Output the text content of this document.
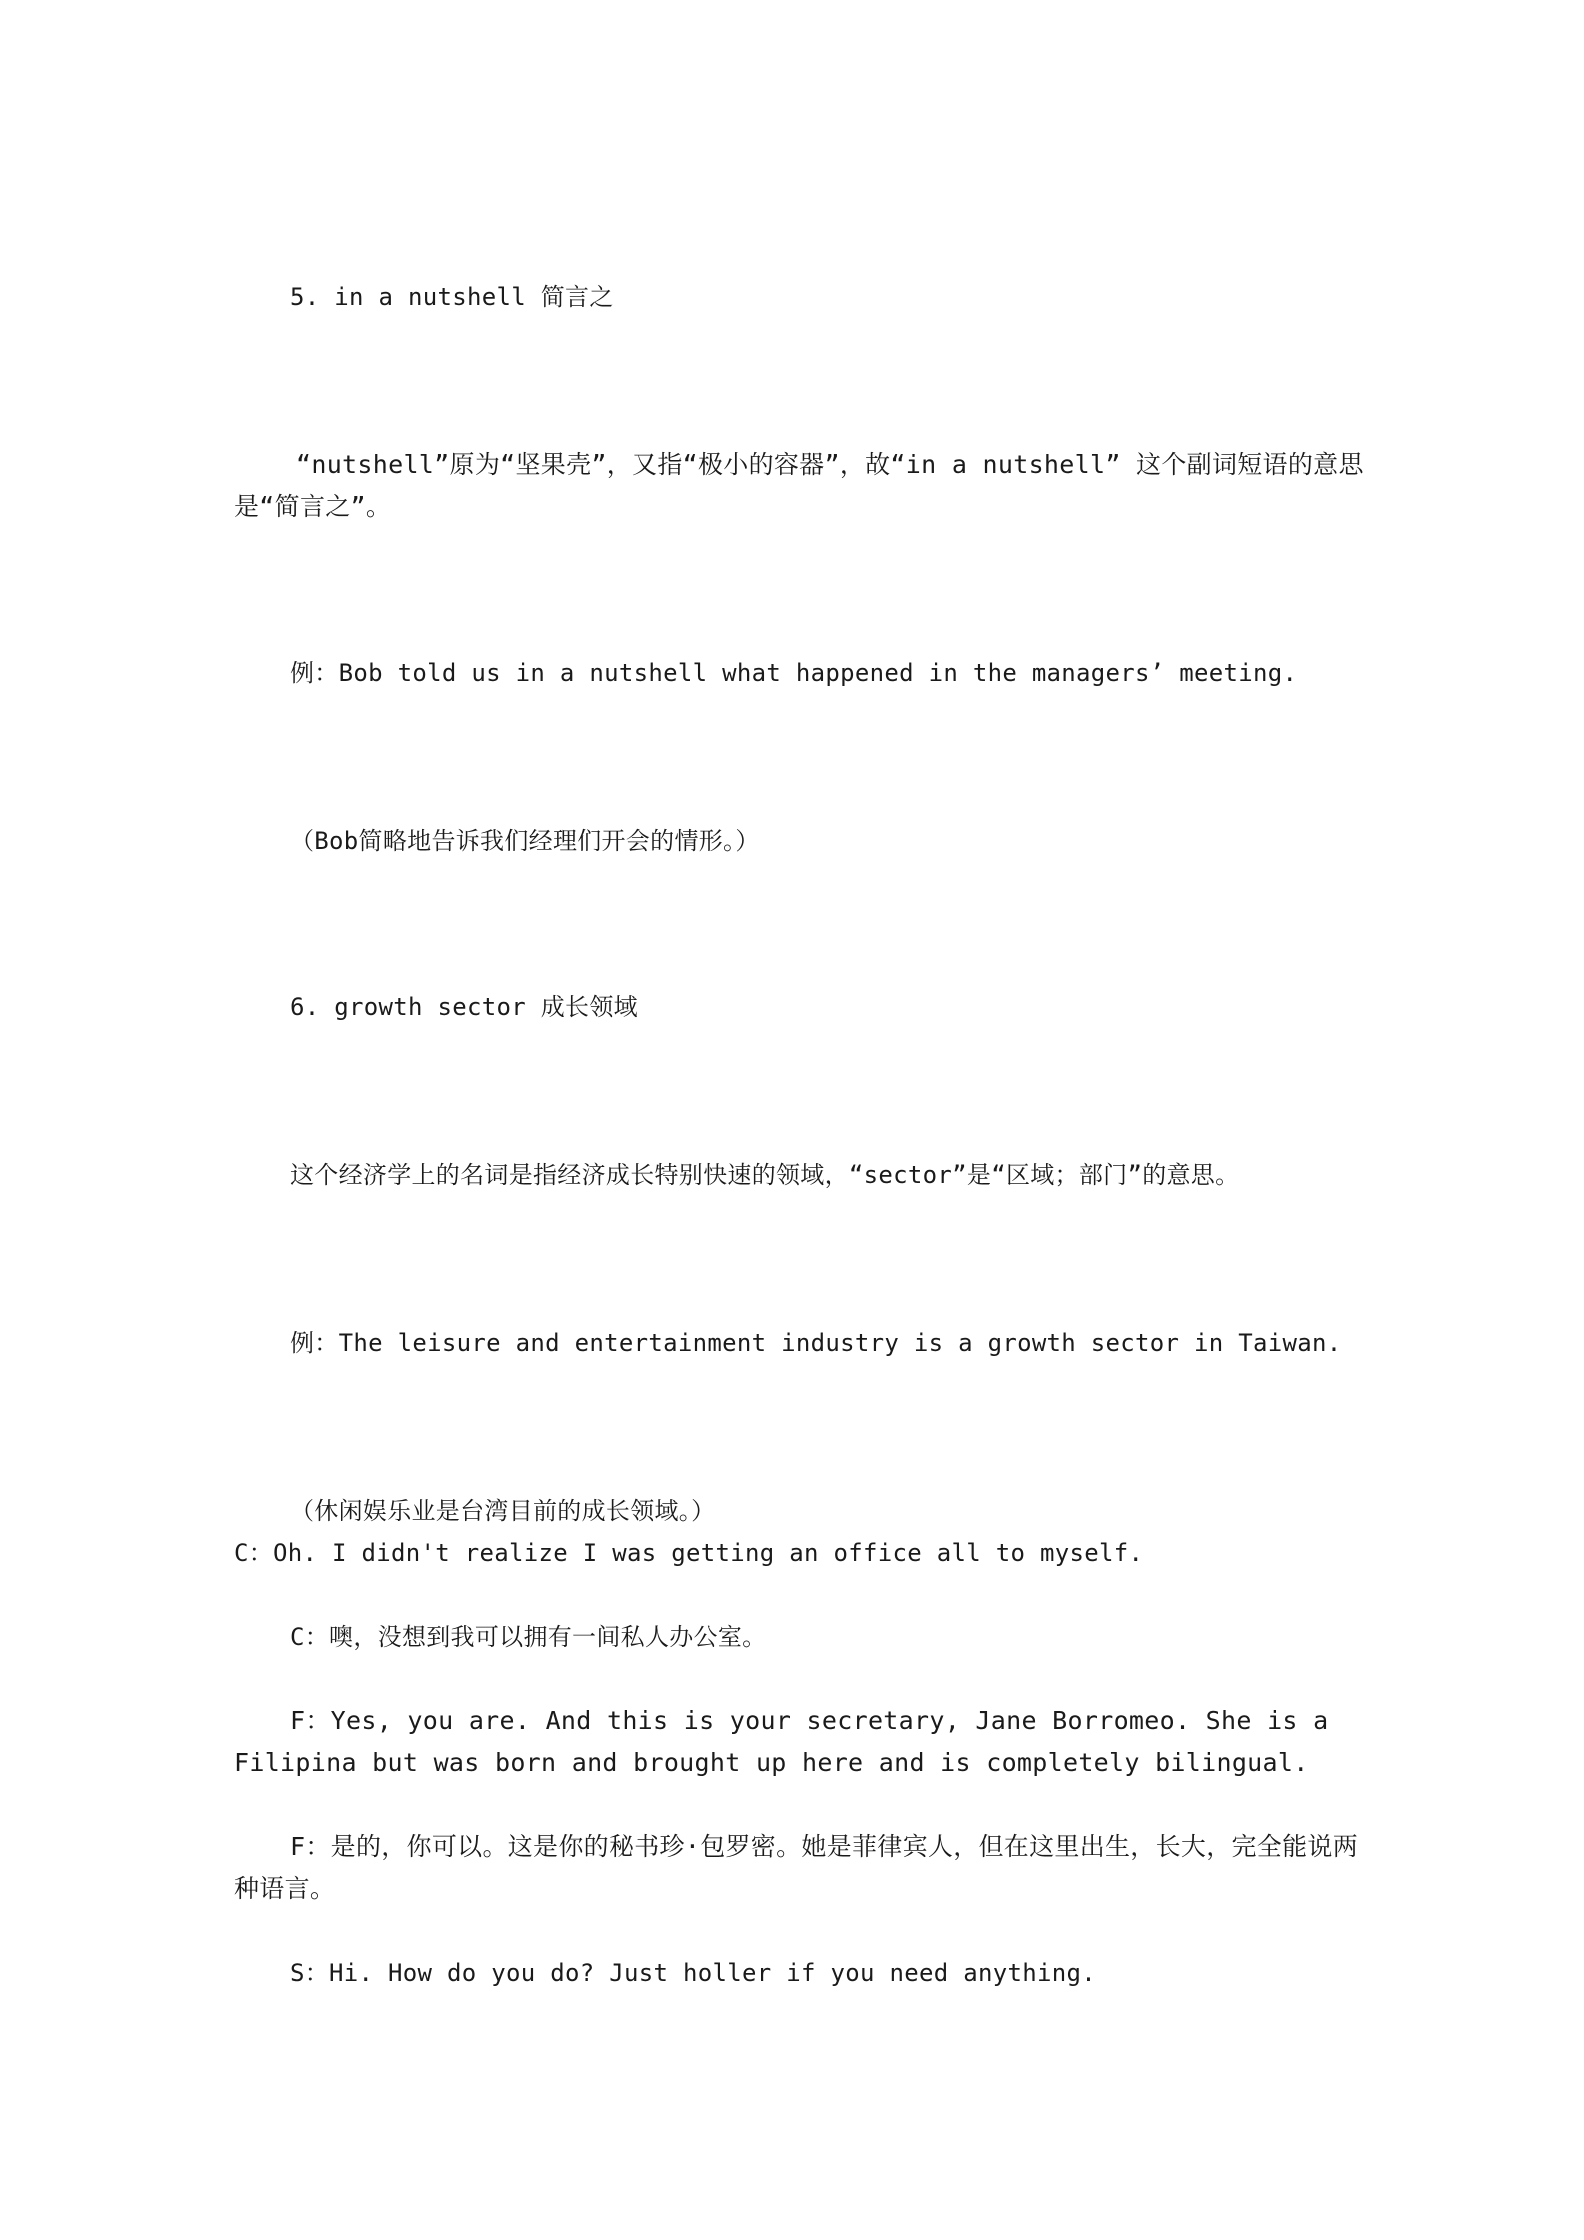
5. in a nutshell 简言之
“nutshell”原为“坚果壳”，又指“极小的容器”，故“in a nutshell” 这个副词短语的意思是“简言之”。
例：Bob told us in a nutshell what happened in the managers’ meeting.
（Bob简略地告诉我们经理们开会的情形。）
6. growth sector 成长领域
这个经济学上的名词是指经济成长特别快速的领域，“sector”是“区域；部门”的意思。
例：The leisure and entertainment industry is a growth sector in Taiwan.
（休闲娱乐业是台湾目前的成长领域。）
C：Oh. I didn't realize I was getting an office all to myself.
C：噢，没想到我可以拥有一间私人办公室。
F：Yes, you are. And this is your secretary, Jane Borromeo. She is a Filipina but was born and brought up here and is completely bilingual.
F：是的，你可以。这是你的秘书珍·包罗密。她是菲律宾人，但在这里出生，长大，完全能说两种语言。
S：Hi. How do you do? Just holler if you need anything.
